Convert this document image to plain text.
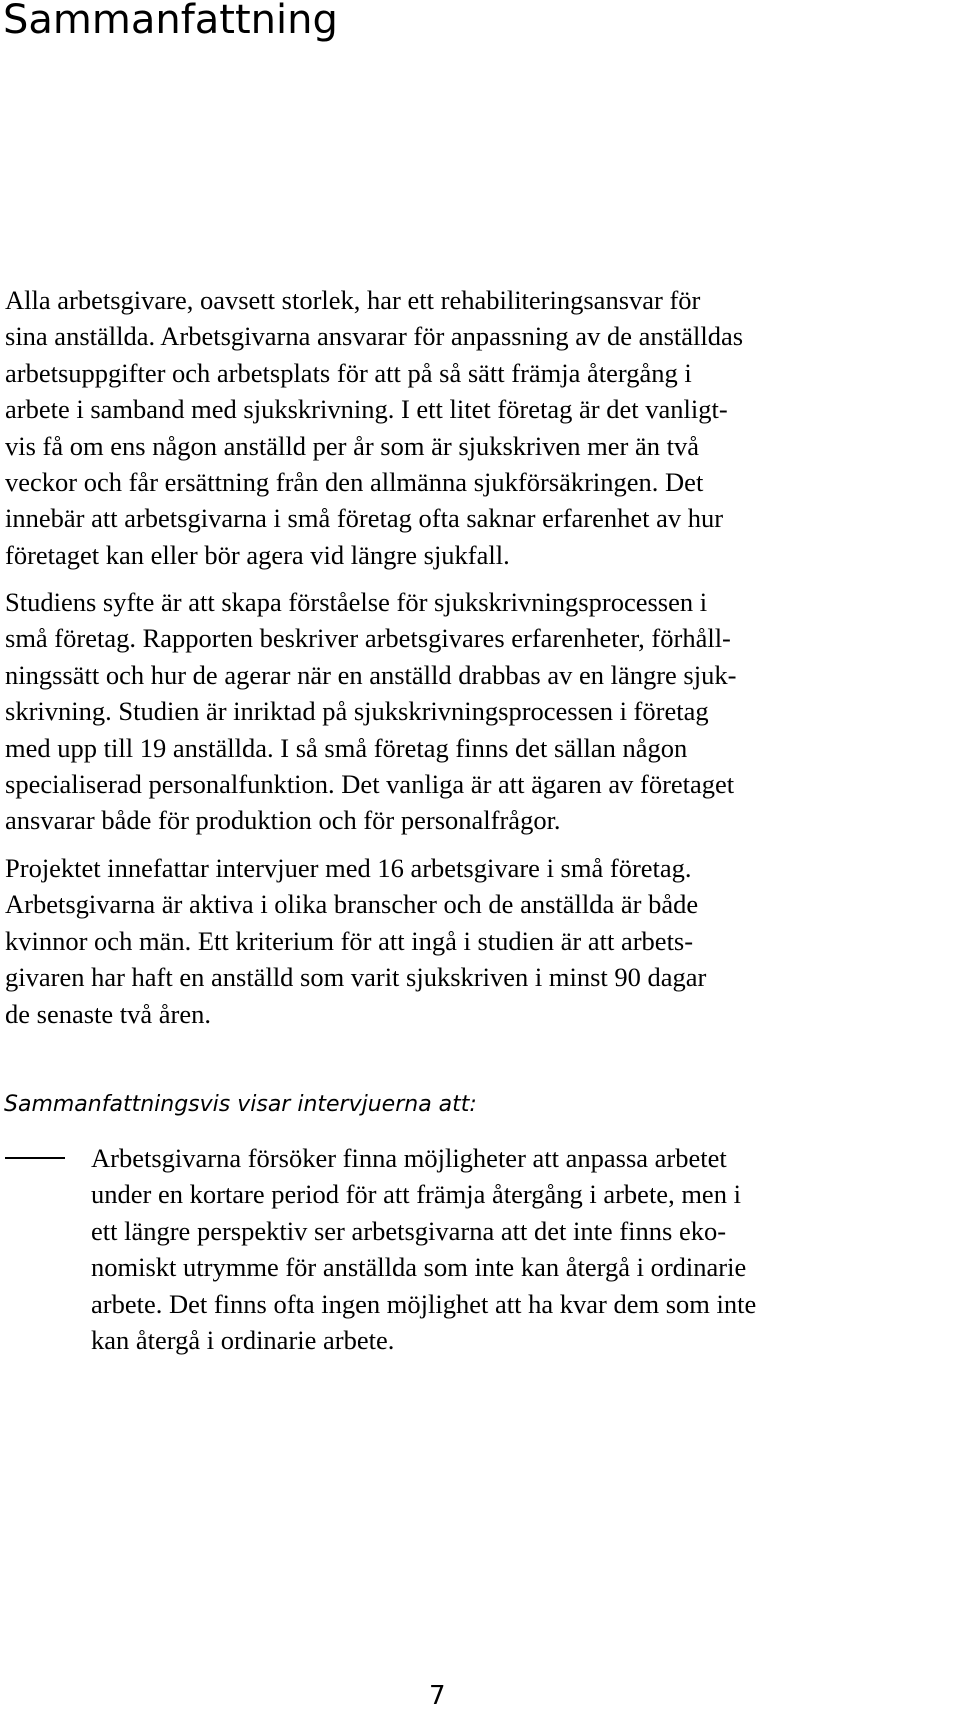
Sammanfattning
Alla arbetsgivare, oavsett storlek, har ett rehabiliteringsansvar för
sina anställda. Arbetsgivarna ansvarar för anpassning av de anställdas
arbetsuppgifter och arbetsplats för att på så sätt främja återgång i
arbete i samband med sjukskrivning. I ett litet företag är det vanligt-
vis få om ens någon anställd per år som är sjukskriven mer än två
veckor och får ersättning från den allmänna sjukförsäkringen. Det
innebär att arbetsgivarna i små företag ofta saknar erfarenhet av hur
företaget kan eller bör agera vid längre sjukfall.
Studiens syfte är att skapa förståelse för sjukskrivningsprocessen i
små företag. Rapporten beskriver arbetsgivares erfarenheter, förhåll-
ningssätt och hur de agerar när en anställd drabbas av en längre sjuk-
skrivning. Studien är inriktad på sjukskrivningsprocessen i företag
med upp till 19 anställda. I så små företag finns det sällan någon
specialiserad personalfunktion. Det vanliga är att ägaren av företaget
ansvarar både för produktion och för personalfrågor.
Projektet innefattar intervjuer med 16 arbetsgivare i små företag.
Arbetsgivarna är aktiva i olika branscher och de anställda är både
kvinnor och män. Ett kriterium för att ingå i studien är att arbets-
givaren har haft en anställd som varit sjukskriven i minst 90 dagar
de senaste två åren.
Sammanfattningsvis visar intervjuerna att:
Arbetsgivarna försöker finna möjligheter att anpassa arbetet
under en kortare period för att främja återgång i arbete, men i
ett längre perspektiv ser arbetsgivarna att det inte finns eko-
nomiskt utrymme för anställda som inte kan återgå i ordinarie
arbete. Det finns ofta ingen möjlighet att ha kvar dem som inte
kan återgå i ordinarie arbete.
7
